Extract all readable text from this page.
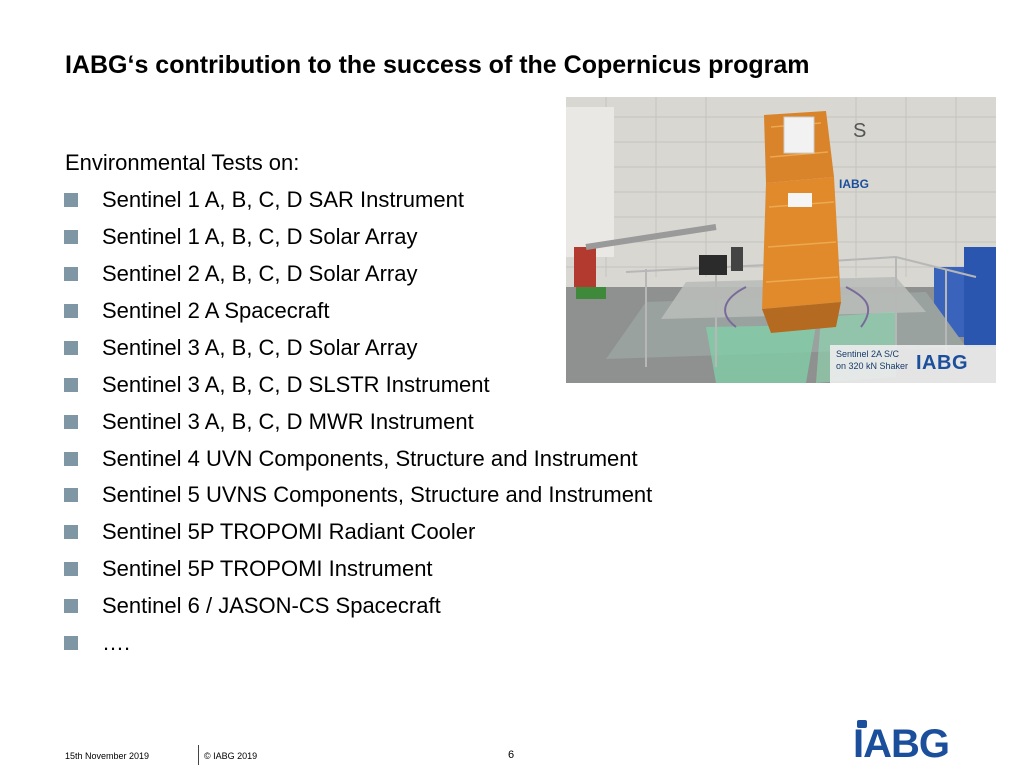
IABG‘s contribution to the success of the Copernicus program
Environmental Tests on:
Sentinel 1 A, B, C, D SAR Instrument
Sentinel 1 A, B, C, D Solar Array
Sentinel 2 A, B, C, D Solar Array
Sentinel 2 A Spacecraft
Sentinel 3 A, B, C, D Solar Array
Sentinel 3 A, B, C, D SLSTR Instrument
Sentinel 3 A, B, C, D MWR Instrument
Sentinel 4 UVN Components, Structure and Instrument
Sentinel 5 UVNS Components, Structure and Instrument
Sentinel 5P TROPOMI Radiant Cooler
Sentinel 5P TROPOMI Instrument
Sentinel 6 / JASON-CS Spacecraft
….
S
IABG
Sentinel 2A S/C
on 320 kN Shaker IABG
15th November 2019	© IABG 2019	6	IABG
